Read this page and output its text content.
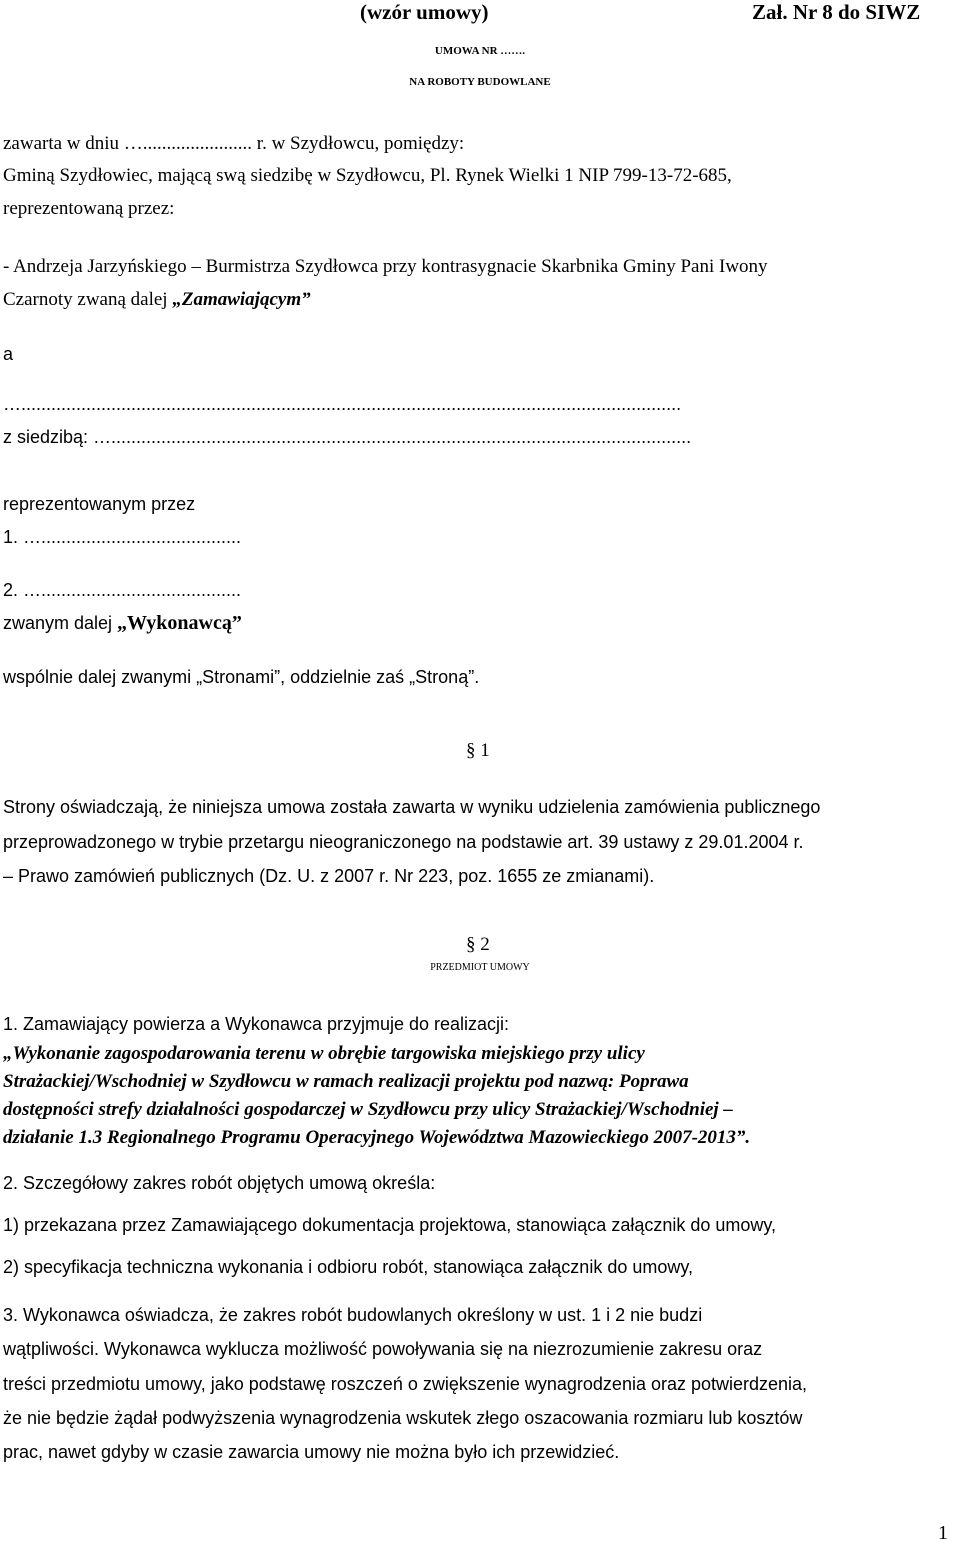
(wzór umowy)	Zał. Nr 8 do SIWZ
UMOWA NR …….
NA ROBOTY BUDOWLANE
zawarta w dniu …....................... r. w Szydłowcu, pomiędzy:
Gminą Szydłowiec, mającą swą siedzibę w Szydłowcu, Pl. Rynek Wielki 1 NIP 799-13-72-685,
reprezentowaną przez:
- Andrzeja Jarzyńskiego – Burmistrza Szydłowca przy kontrasygnacie Skarbnika Gminy Pani Iwony
Czarnoty zwaną dalej „Zamawiającym”
a
…....................................................................................................................................
z siedzibą: …....................................................................................................................
reprezentowanym przez
1. …........................................
2. …........................................
zwanym dalej „Wykonawcą”
wspólnie dalej zwanymi „Stronami”, oddzielnie zaś „Stroną”.
§ 1
Strony oświadczają, że niniejsza umowa została zawarta w wyniku udzielenia zamówienia publicznego
przeprowadzonego w trybie przetargu nieograniczonego na podstawie art. 39 ustawy z 29.01.2004 r.
– Prawo zamówień publicznych (Dz. U. z 2007 r. Nr 223, poz. 1655 ze zmianami).
§ 2
PRZEDMIOT UMOWY
1. Zamawiający powierza a Wykonawca przyjmuje do realizacji:
„Wykonanie zagospodarowania terenu w obrębie targowiska miejskiego przy ulicy
Strażackiej/Wschodniej w Szydłowcu w ramach realizacji projektu pod nazwą: Poprawa
dostępności strefy działalności gospodarczej w Szydłowcu przy ulicy Strażackiej/Wschodniej –
działanie 1.3 Regionalnego Programu Operacyjnego Województwa Mazowieckiego 2007-2013”.
2. Szczegółowy zakres robót objętych umową określa:
1) przekazana przez Zamawiającego dokumentacja projektowa, stanowiąca załącznik do umowy,
2) specyfikacja techniczna wykonania i odbioru robót, stanowiąca załącznik do umowy,
3. Wykonawca oświadcza, że zakres robót budowlanych określony w ust. 1 i 2 nie budzi
wątpliwości. Wykonawca wyklucza możliwość powoływania się na niezrozumienie zakresu oraz
treści przedmiotu umowy, jako podstawę roszczeń o zwiększenie wynagrodzenia oraz potwierdzenia,
że nie będzie żądał podwyższenia wynagrodzenia wskutek złego oszacowania rozmiaru lub kosztów
prac, nawet gdyby w czasie zawarcia umowy nie można było ich przewidzieć.
1
